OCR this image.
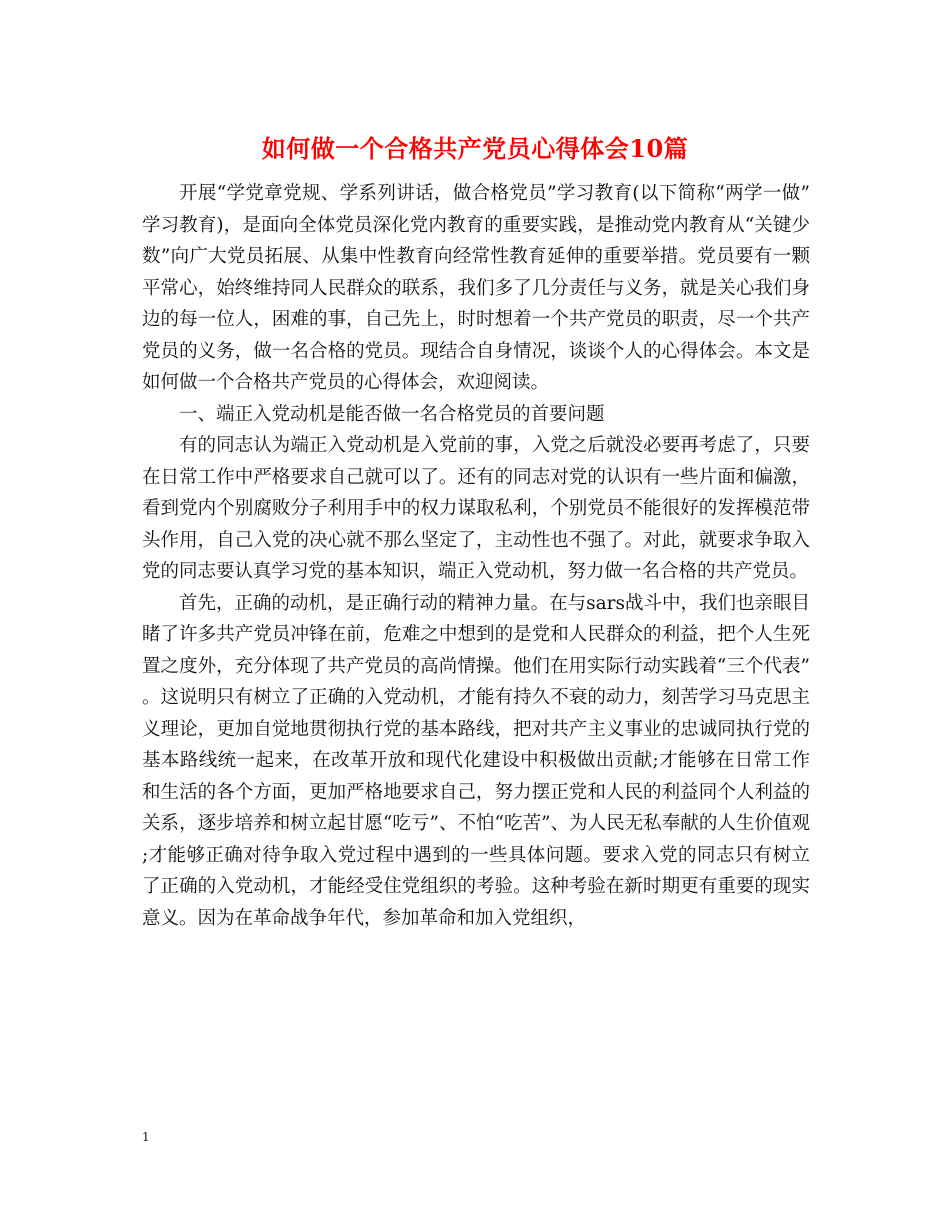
如何做一个合格共产党员心得体会10篇

开展“学党章党规、学系列讲话，做合格党员”学习教育(以下简称“两学一做”学习教育)，是面向全体党员深化党内教育的重要实践，是推动党内教育从“关键少数”向广大党员拓展、从集中性教育向经常性教育延伸的重要举措。党员要有一颗平常心，始终维持同人民群众的联系，我们多了几分责任与义务，就是关心我们身边的每一位人，困难的事，自己先上，时时想着一个共产党员的职责，尽一个共产党员的义务，做一名合格的党员。现结合自身情况，谈谈个人的心得体会。本文是如何做一个合格共产党员的心得体会，欢迎阅读。

一、端正入党动机是能否做一名合格党员的首要问题

有的同志认为端正入党动机是入党前的事，入党之后就没必要再考虑了，只要在日常工作中严格要求自己就可以了。还有的同志对党的认识有一些片面和偏激，看到党内个别腐败分子利用手中的权力谋取私利，个别党员不能很好的发挥模范带头作用，自己入党的决心就不那么坚定了，主动性也不强了。对此，就要求争取入党的同志要认真学习党的基本知识，端正入党动机，努力做一名合格的共产党员。

首先，正确的动机，是正确行动的精神力量。在与sars战斗中，我们也亲眼目睹了许多共产党员冲锋在前，危难之中想到的是党和人民群众的利益，把个人生死置之度外，充分体现了共产党员的高尚情操。他们在用实际行动实践着“三个代表”。这说明只有树立了正确的入党动机，才能有持久不衰的动力，刻苦学习马克思主义理论，更加自觉地贯彻执行党的基本路线，把对共产主义事业的忠诚同执行党的基本路线统一起来，在改革开放和现代化建设中积极做出贡献;才能够在日常工作和生活的各个方面，更加严格地要求自己，努力摆正党和人民的利益同个人利益的关系，逐步培养和树立起甘愿“吃亏”、不怕“吃苦”、为人民无私奉献的人生价值观;才能够正确对待争取入党过程中遇到的一些具体问题。要求入党的同志只有树立了正确的入党动机，才能经受住党组织的考验。这种考验在新时期更有重要的现实意义。因为在革命战争年代，参加革命和加入党组织，

1
